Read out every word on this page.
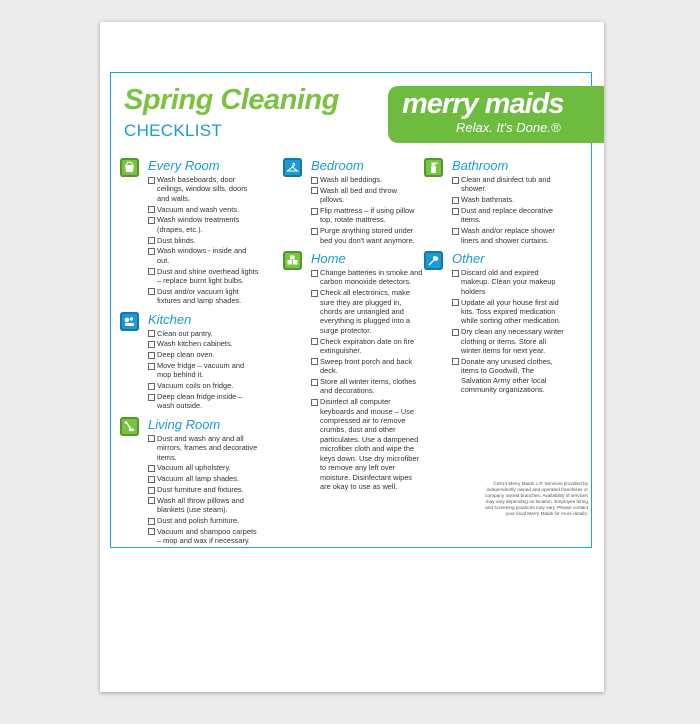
Spring Cleaning
CHECKLIST
merry maids
Relax. It's Done.®
Every Room
Wash baseboards, door ceilings, window sills, doors and walls.
Vacuum and wash vents.
Wash window treatments (drapes, etc.).
Dust blinds.
Wash windows - inside and out.
Dust and shine overhead lights – replace burnt light bulbs.
Dust and/or vacuum light fixtures and lamp shades.
Kitchen
Clean out pantry.
Wash kitchen cabinets.
Deep clean oven.
Move fridge – vacuum and mop behind it.
Vacuum coils on fridge.
Deep clean fridge inside – wash outside.
Living Room
Dust and wash any and all mirrors, frames and decorative items.
Vacuum all upholstery.
Vacuum all lamp shades.
Dust furniture and fixtures.
Wash all throw pillows and blankets (use steam).
Dust and polish furniture.
Vacuum and shampoo carpets – mop and wax if necessary.
Bedroom
Wash all beddings.
Wash all bed and throw pillows.
Flip mattress – if using pillow top, rotate mattress.
Purge anything stored under bed you don't want anymore.
Home
Change batteries in smoke and carbon monoxide detectors.
Check all electronics, make sure they are plugged in, chords are untangled and everything is plugged into a surge protector.
Check expiration date on fire extinguisher.
Sweep front porch and back deck.
Store all winter items, clothes and decorations.
Disinfect all computer keyboards and mouse – Use compressed air to remove crumbs, dust and other particulates. Use a dampened microfiber cloth and wipe the keys down. Use dry microfiber to remove any left over moisture. Disinfectant wipes are okay to use as well.
Bathroom
Clean and disinfect tub and shower.
Wash bathmats.
Dust and replace decorative items.
Wash and/or replace shower liners and shower curtains.
Other
Discard old and expired makeup. Clean your makeup holders
Update all your house first aid kits. Toss expired medication while sorting other medication.
Dry clean any necessary winter clothing or items. Store all winter items for next year.
Donate any unused clothes, items to Goodwill, The Salvation Army other local community organizations.
©2014 Merry Maids L.P. Services provided by independently owned and operated franchises or company owned branches. Availability of services may vary depending on location. Employee hiring and screening practices may vary. Please contact your local Merry Maids for more details.
